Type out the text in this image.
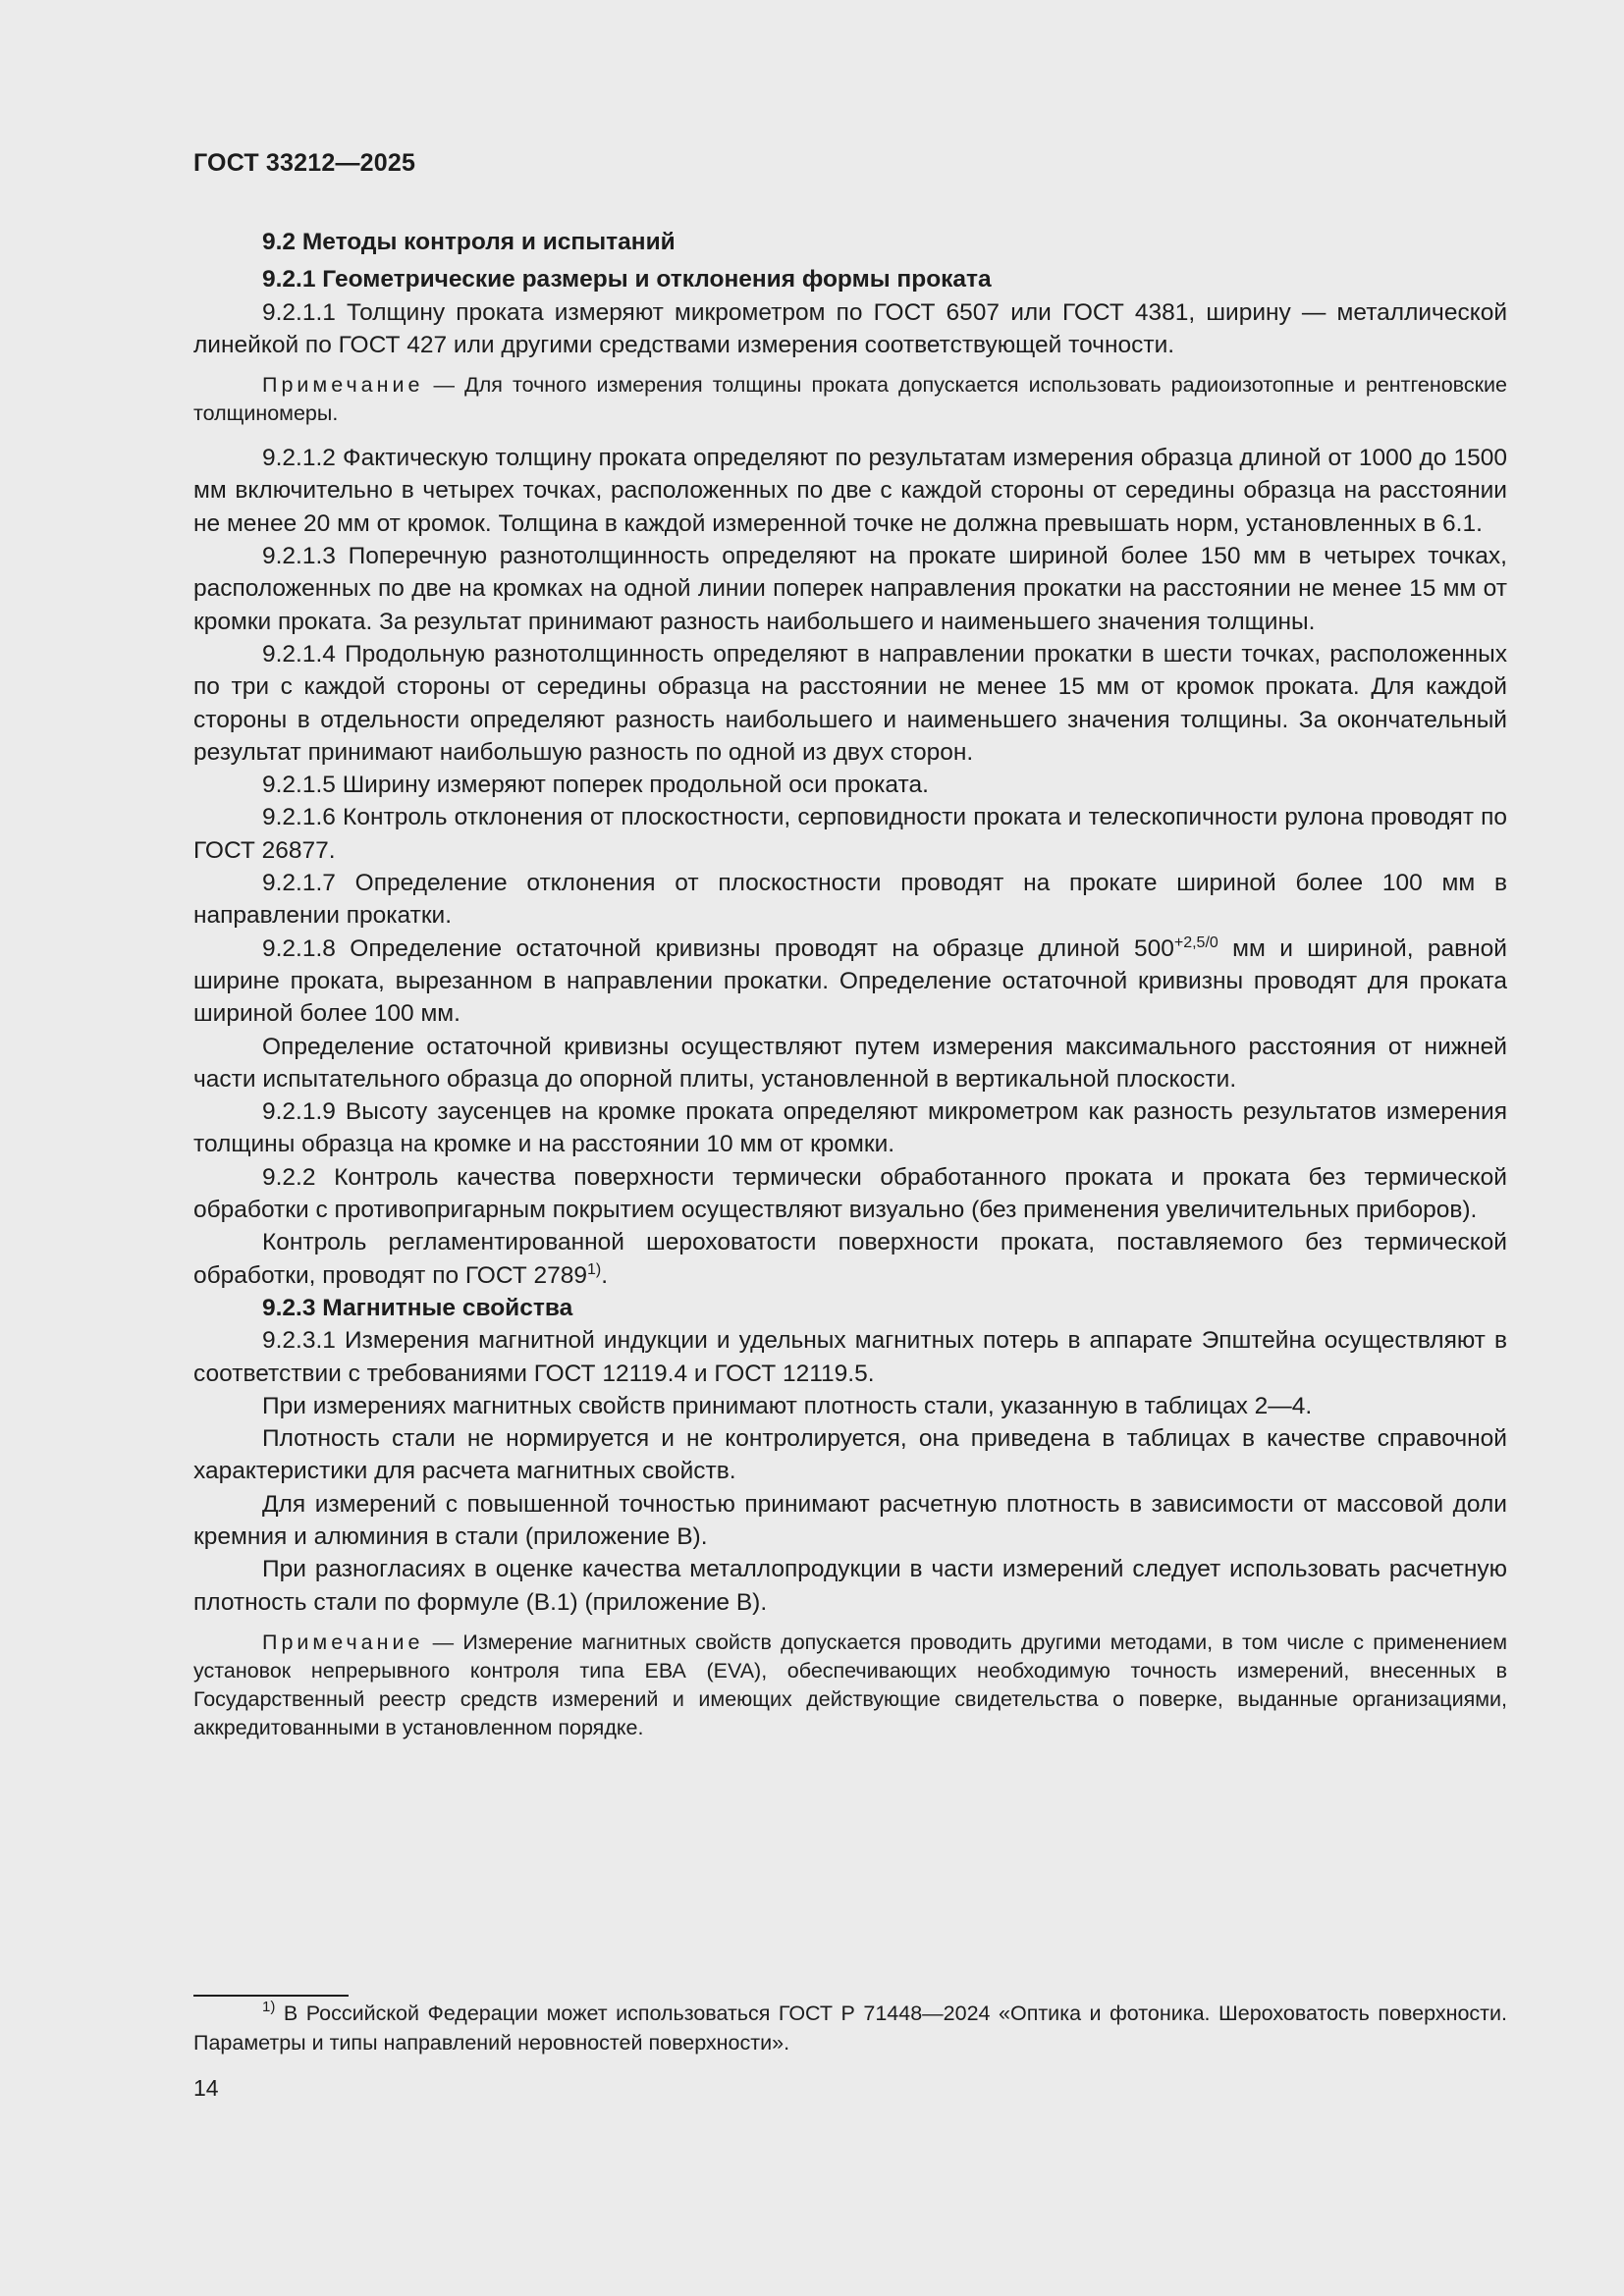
ГОСТ 33212—2025

9.2 Методы контроля и испытаний

9.2.1 Геометрические размеры и отклонения формы проката

9.2.1.1 Толщину проката измеряют микрометром по ГОСТ 6507 или ГОСТ 4381, ширину — металлической линейкой по ГОСТ 427 или другими средствами измерения соответствующей точности.

Примечание — Для точного измерения толщины проката допускается использовать радиоизотопные и рентгеновские толщиномеры.

9.2.1.2 Фактическую толщину проката определяют по результатам измерения образца длиной от 1000 до 1500 мм включительно в четырех точках, расположенных по две с каждой стороны от середины образца на расстоянии не менее 20 мм от кромок. Толщина в каждой измеренной точке не должна превышать норм, установленных в 6.1.

9.2.1.3 Поперечную разнотолщинность определяют на прокате шириной более 150 мм в четырех точках, расположенных по две на кромках на одной линии поперек направления прокатки на расстоянии не менее 15 мм от кромки проката. За результат принимают разность наибольшего и наименьшего значения толщины.

9.2.1.4 Продольную разнотолщинность определяют в направлении прокатки в шести точках, расположенных по три с каждой стороны от середины образца на расстоянии не менее 15 мм от кромок проката. Для каждой стороны в отдельности определяют разность наибольшего и наименьшего значения толщины. За окончательный результат принимают наибольшую разность по одной из двух сторон.

9.2.1.5 Ширину измеряют поперек продольной оси проката.

9.2.1.6 Контроль отклонения от плоскостности, серповидности проката и телескопичности рулона проводят по ГОСТ 26877.

9.2.1.7 Определение отклонения от плоскостности проводят на прокате шириной более 100 мм в направлении прокатки.

9.2.1.8 Определение остаточной кривизны проводят на образце длиной $500^{+2,5/0}$ мм и шириной, равной ширине проката, вырезанном в направлении прокатки. Определение остаточной кривизны проводят для проката шириной более 100 мм.

Определение остаточной кривизны осуществляют путем измерения максимального расстояния от нижней части испытательного образца до опорной плиты, установленной в вертикальной плоскости.

9.2.1.9 Высоту заусенцев на кромке проката определяют микрометром как разность результатов измерения толщины образца на кромке и на расстоянии 10 мм от кромки.

9.2.2 Контроль качества поверхности термически обработанного проката и проката без термической обработки с противопригарным покрытием осуществляют визуально (без применения увеличительных приборов).

Контроль регламентированной шероховатости поверхности проката, поставляемого без термической обработки, проводят по ГОСТ 2789$^{1)}$.

9.2.3 Магнитные свойства

9.2.3.1 Измерения магнитной индукции и удельных магнитных потерь в аппарате Эпштейна осуществляют в соответствии с требованиями ГОСТ 12119.4 и ГОСТ 12119.5.

При измерениях магнитных свойств принимают плотность стали, указанную в таблицах 2—4.

Плотность стали не нормируется и не контролируется, она приведена в таблицах в качестве справочной характеристики для расчета магнитных свойств.

Для измерений с повышенной точностью принимают расчетную плотность в зависимости от массовой доли кремния и алюминия в стали (приложение В).

При разногласиях в оценке качества металлопродукции в части измерений следует использовать расчетную плотность стали по формуле (В.1) (приложение В).

Примечание — Измерение магнитных свойств допускается проводить другими методами, в том числе с применением установок непрерывного контроля типа ЕВА (EVA), обеспечивающих необходимую точность измерений, внесенных в Государственный реестр средств измерений и имеющих действующие свидетельства о поверке, выданные организациями, аккредитованными в установленном порядке.

$^{1)}$ В Российской Федерации может использоваться ГОСТ Р 71448—2024 «Оптика и фотоника. Шероховатость поверхности. Параметры и типы направлений неровностей поверхности».
14
